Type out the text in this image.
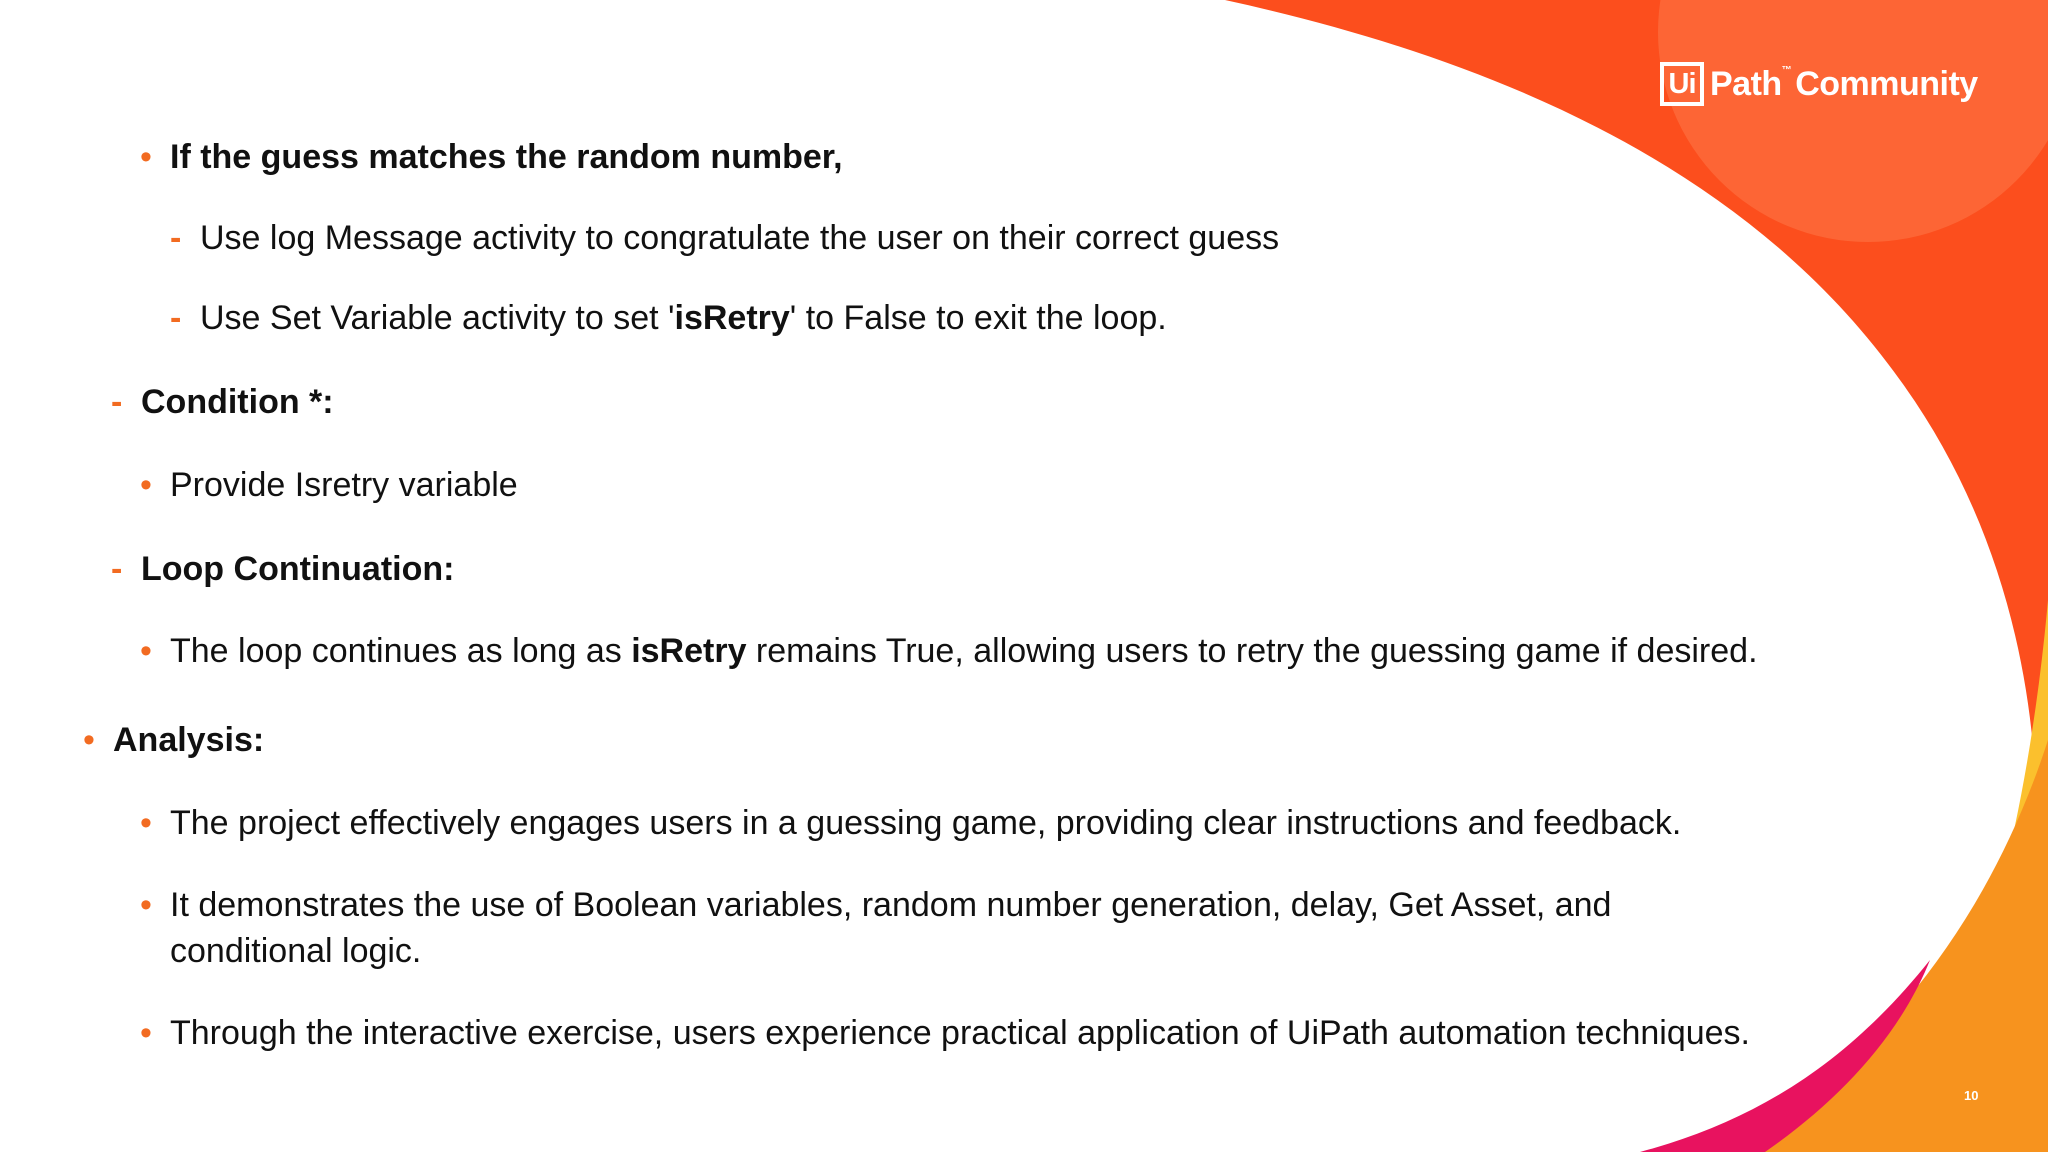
Ui Path™ Community
• If the guess matches the random number,
- Use log Message activity to congratulate the user on their correct guess
- Use Set Variable activity to set 'isRetry' to False to exit the loop.
- Condition *:
• Provide Isretry variable
- Loop Continuation:
• The loop continues as long as isRetry remains True, allowing users to retry the guessing game if desired.
• Analysis:
• The project effectively engages users in a guessing game, providing clear instructions and feedback.
• It demonstrates the use of Boolean variables, random number generation, delay, Get Asset, and conditional logic.
• Through the interactive exercise, users experience practical application of UiPath automation techniques.
10
